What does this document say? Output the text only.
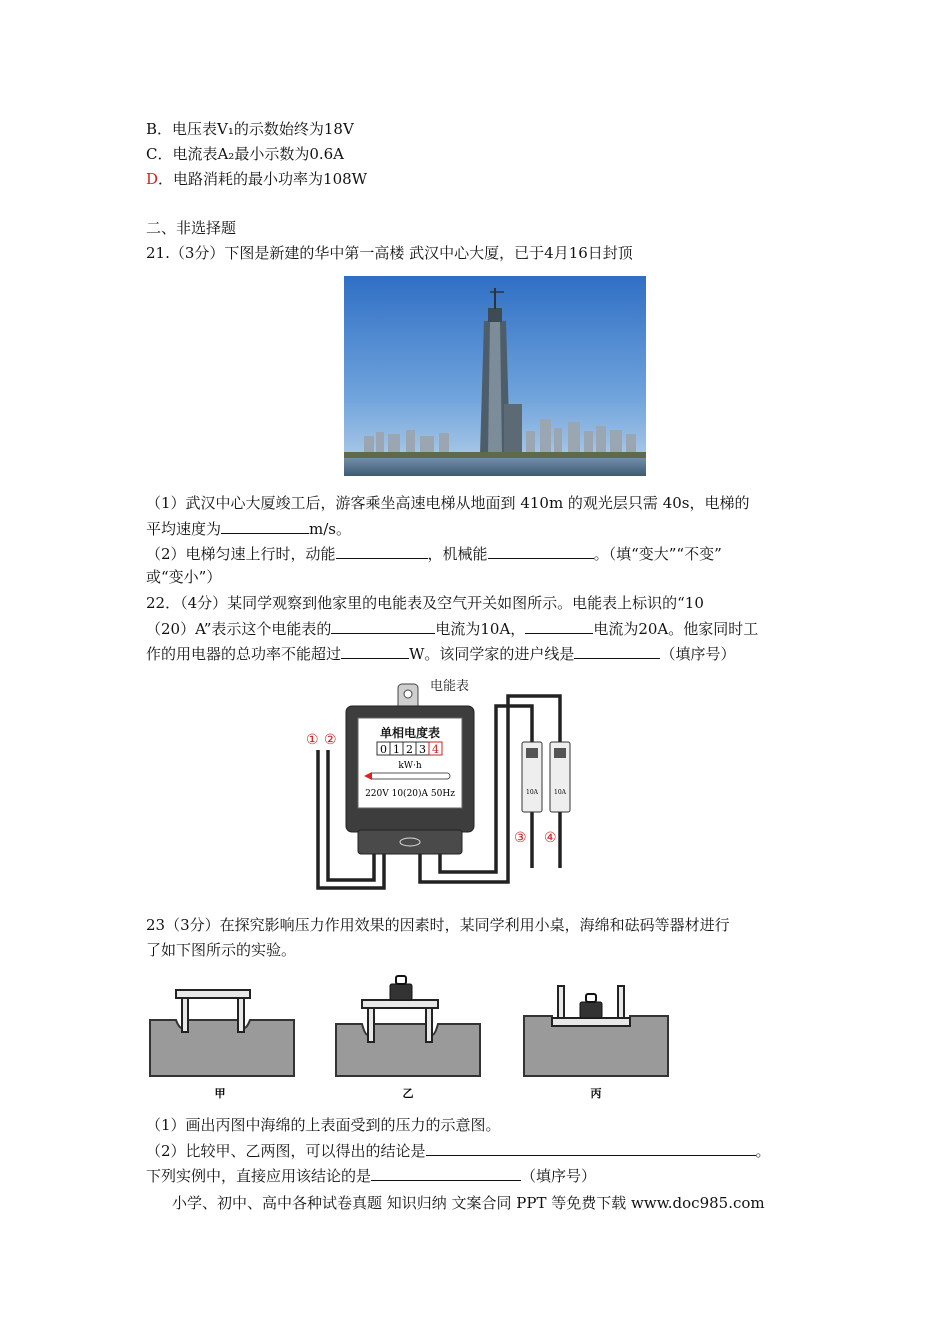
B．电压表V₁的示数始终为18V
C．电流表A₂最小示数为0.6A
D．电路消耗的最小功率为108W
二、非选择题
21.（3分）下图是新建的华中第一高楼 武汉中心大厦，已于4月16日封顶
（1）武汉中心大厦竣工后，游客乘坐高速电梯从地面到 410m 的观光层只需 40s，电梯的
平均速度为	m/s。
（2）电梯匀速上行时，动能	，机械能	。（填“变大”“不变”
或“变小”）
22．（4分）某同学观察到他家里的电能表及空气开关如图所示。电能表上标识的“10
（20）A”表示这个电能表的	电流为10A，	电流为20A。他家同时工
作的用电器的总功率不能超过	W。该同学家的进户线是	（填序号）
单相电度表
0 1 2 3 4
kW·h
220V 10(20)A 50Hz
电能表
① ②
③ ④
10A	10A
23（3分）在探究影响压力作用效果的因素时，某同学利用小桌，海绵和砝码等器材进行
了如下图所示的实验。
甲	乙	丙
（1）画出丙图中海绵的上表面受到的压力的示意图。
（2）比较甲、乙两图，可以得出的结论是	。
下列实例中，直接应用该结论的是	（填序号）
小学、初中、高中各种试卷真题 知识归纳 文案合同 PPT 等免费下载 www.doc985.com
